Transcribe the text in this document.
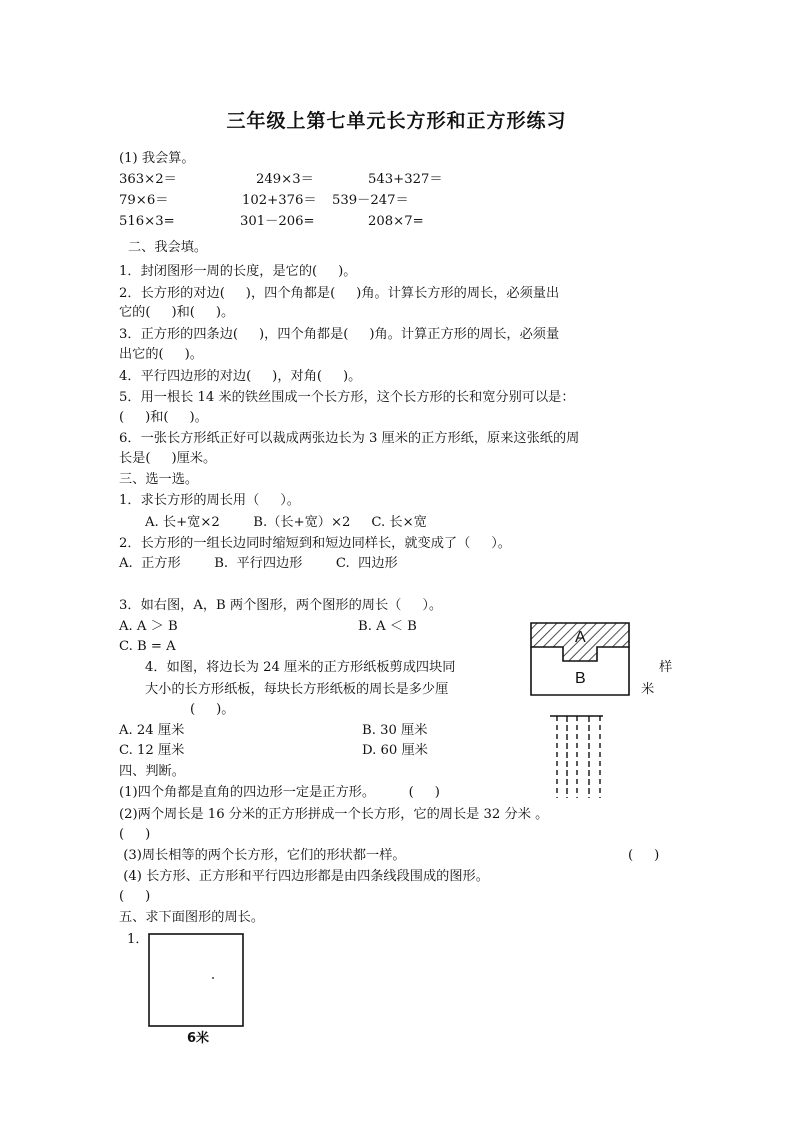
三年级上第七单元长方形和正方形练习
(1) 我会算。
363×2＝	249×3＝	543+327＝
79×6＝	102+376＝ 539－247＝
516×3=	301－206=	208×7=
二、我会填。
1．封闭图形一周的长度，是它的(     )。
2．长方形的对边(     )，四个角都是(     )角。计算长方形的周长，必须量出
它的(     )和(     )。
3．正方形的四条边(     )，四个角都是(     )角。计算正方形的周长，必须量
出它的(     )。
4．平行四边形的对边(     )，对角(     )。
5．用一根长 14 米的铁丝围成一个长方形，这个长方形的长和宽分别可以是：
(     )和(     )。
6．一张长方形纸正好可以裁成两张边长为 3 厘米的正方形纸，原来这张纸的周
长是(     )厘米。
三、选一选。
1．求长方形的周长用（     ）。
A. 长+宽×2        B.（长+宽）×2     C. 长×宽
2．长方形的一组长边同时缩短到和短边同样长，就变成了（     ）。
A.  正方形        B.  平行四边形        C.  四边形
3．如右图，A，B 两个图形，两个图形的周长（     ）。
A. A ＞ B	B. A ＜ B
C. B = A
4．如图，将边长为 24 厘米的正方形纸板剪成四块同	样
大小的长方形纸板，每块长方形纸板的周长是多少厘	米
(     )。
A. 24 厘米	B. 30 厘米
C. 12 厘米	D. 60 厘米
A
B
四、判断。
(1)四个角都是直角的四边形一定是正方形。        (     )
(2)两个周长是 16 分米的正方形拼成一个长方形，它的周长是 32 分米 。
(     )
(3)周长相等的两个长方形，它们的形状都一样。	(     )
(4) 长方形、正方形和平行四边形都是由四条线段围成的图形。
(     )
五、求下面图形的周长。
1．
6米
